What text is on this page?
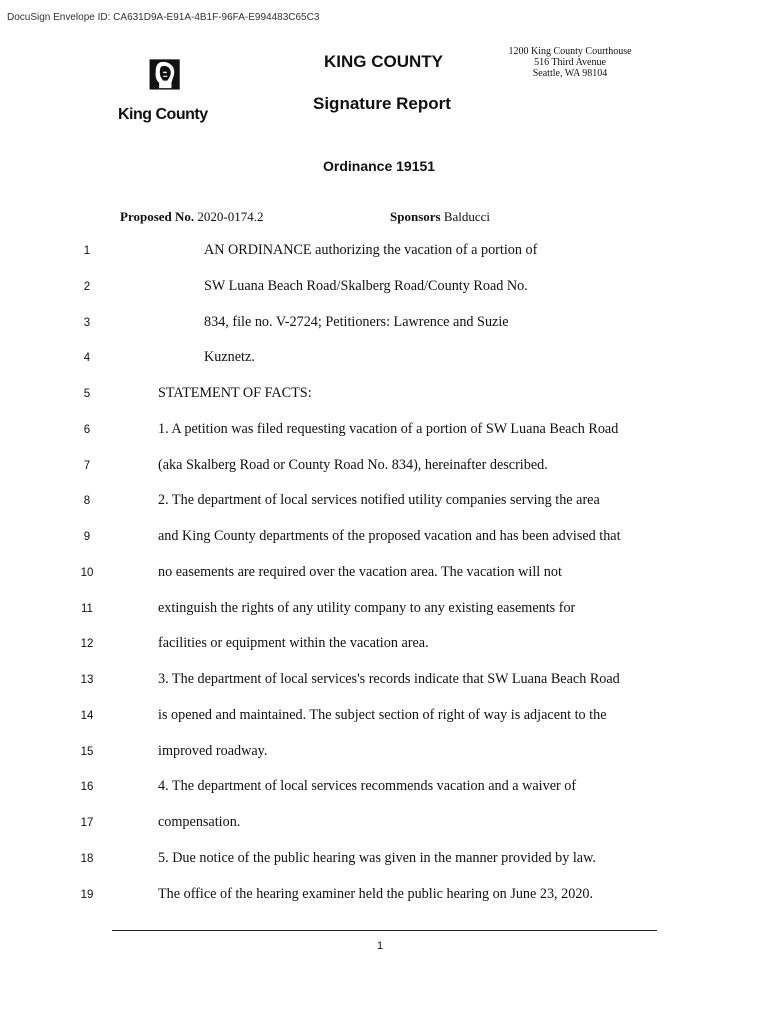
DocuSign Envelope ID: CA631D9A-E91A-4B1F-96FA-E994483C65C3
King County
KING COUNTY
Signature Report
1200 King County Courthouse
516 Third Avenue
Seattle, WA 98104
Ordinance 19151
Proposed No. 2020-0174.2	Sponsors Balducci
1	AN ORDINANCE authorizing the vacation of a portion of
2	SW Luana Beach Road/Skalberg Road/County Road No.
3	834, file no. V-2724; Petitioners: Lawrence and Suzie
4	Kuznetz.
5	STATEMENT OF FACTS:
6	1. A petition was filed requesting vacation of a portion of SW Luana Beach Road
7	(aka Skalberg Road or County Road No. 834), hereinafter described.
8	2. The department of local services notified utility companies serving the area
9	and King County departments of the proposed vacation and has been advised that
10	no easements are required over the vacation area. The vacation will not
11	extinguish the rights of any utility company to any existing easements for
12	facilities or equipment within the vacation area.
13	3. The department of local services's records indicate that SW Luana Beach Road
14	is opened and maintained. The subject section of right of way is adjacent to the
15	improved roadway.
16	4. The department of local services recommends vacation and a waiver of
17	compensation.
18	5. Due notice of the public hearing was given in the manner provided by law.
19	The office of the hearing examiner held the public hearing on June 23, 2020.
1
